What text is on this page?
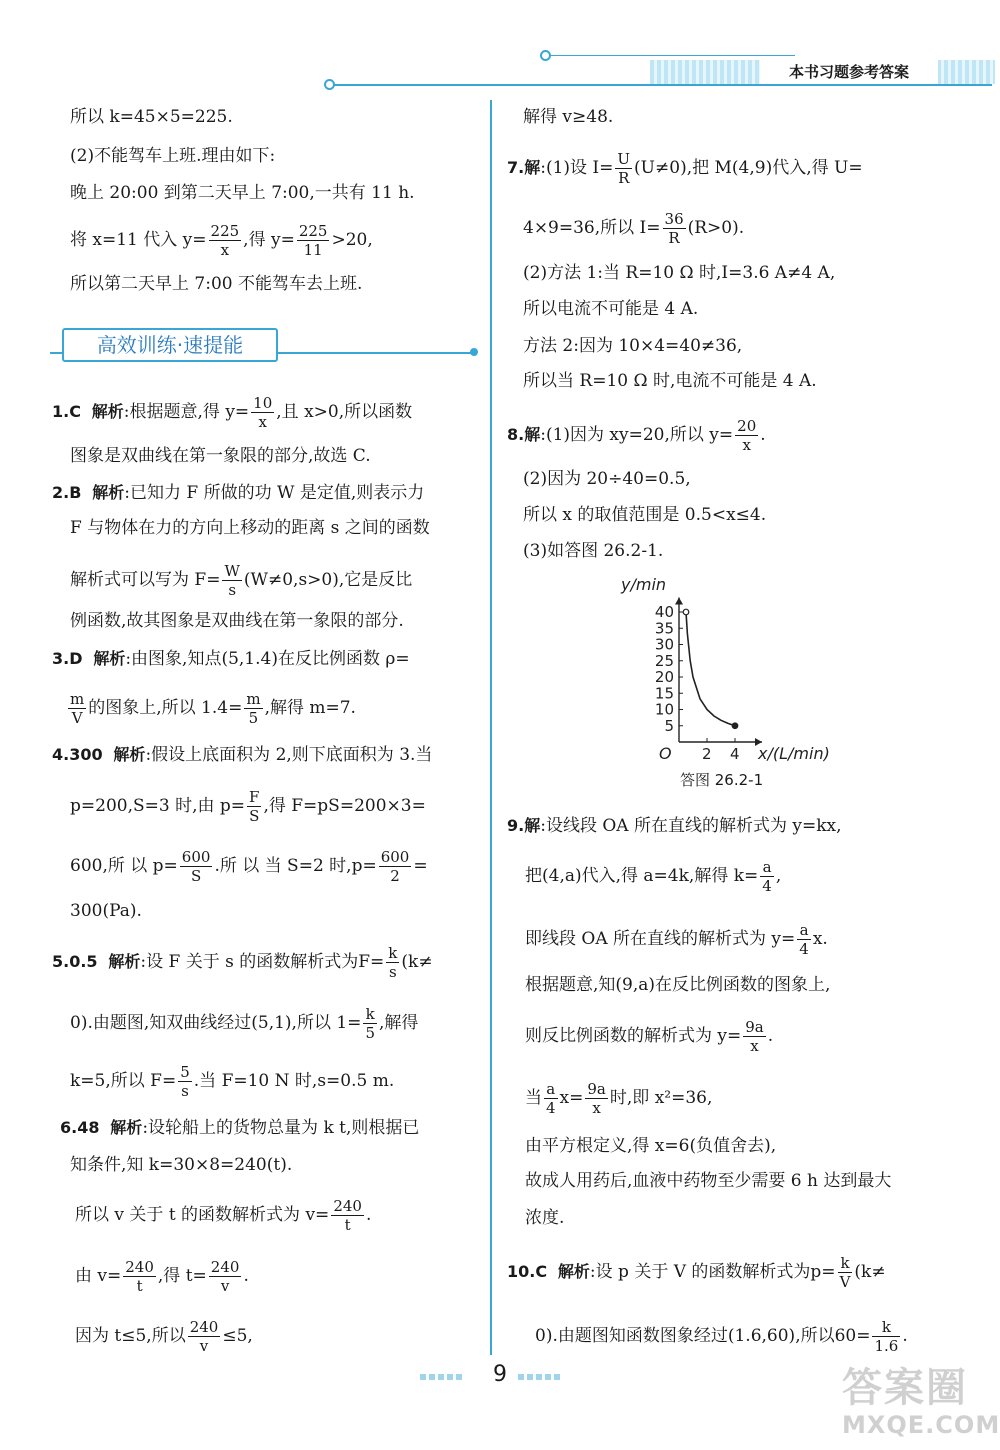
本书习题参考答案
所以 k=45×5=225.
(2)不能驾车上班.理由如下:
晚上 20:00 到第二天早上 7:00,一共有 11 h.
将 x=11 代入 $y= \frac{225}{x}$ ,得 $y= \frac{225}{11} >20$,
所以第二天早上 7:00 不能驾车去上班.
高效训练·速提能
1.C 解析:根据题意,得 $y= \frac{10}{x}$ ,且 x>0,所以函数
图象是双曲线在第一象限的部分,故选 C.
2.B 解析:已知力 F 所做的功 W 是定值,则表示力
F 与物体在力的方向上移动的距离 s 之间的函数
解析式可以写为 $F= \frac{W}{s} (W\ne 0,s>0)$,它是反比
例函数,故其图象是双曲线在第一象限的部分.
3.D 解析:由图象,知点(5,1.4)在反比例函数 ρ=
$\frac{m}{V}$ 的图象上,所以 $1.4= \frac{m}{5}$ ,解得 m=7.
4.300 解析:假设上底面积为 2,则下底面积为 3.当
p=200,S=3 时,由 $p= \frac{F}{S}$ ,得 F=pS=200×3=
600,所 以 $p= \frac{600}{S}$ .所 以 当 S=2 时$,p= \frac{600}{2}$ =
300(Pa).
5.0.5 解析:设 F 关于 s 的函数解析式为$F= \frac{k}{s} (k\ne$
0).由题图,知双曲线经过(5,1),所以 $1= \frac{k}{5}$ ,解得
k=5,所以 $F= \frac{5}{s}$ .当 F=10 N 时,s=0.5 m.
6.48 解析:设轮船上的货物总量为 k t,则根据已
知条件,知 k=30×8=240(t).
所以 v 关于 t 的函数解析式为 $v= \frac{240}{t}$ .
由 $v= \frac{240}{t}$ ,得 $t= \frac{240}{v}$ .
因为 t≤5,所以 $\frac{240}{v} \le 5$,
解得 v≥48.
7.解:(1)设 $I= \frac{U}{R} (U\ne 0)$,把 M(4,9)代入,得 U=
4×9=36,所以 $I= \frac{36}{R} (R>0)$.
(2)方法 1:当 R=10 Ω 时,I=3.6 A≠4 A,
所以电流不可能是 4 A.
方法 2:因为 10×4=40≠36,
所以当 R=10 Ω 时,电流不可能是 4 A.
8.解:(1)因为 xy=20,所以 $y= \frac{20}{x}$ .
(2)因为 20÷40=0.5,
所以 x 的取值范围是 0.5<x≤4.
(3)如答图 26.2-1.
2 4
5
10
15
20
25
30
35
40
y/min
x/(L/min)
O
答图 26.2-1
9.解:设线段 OA 所在直线的解析式为 y=kx,
把(4,a)代入,得 a=4k,解得 $k= \frac{a}{4}$ ,
即线段 OA 所在直线的解析式为 $y= \frac{a}{4} x$.
根据题意,知(9,a)在反比例函数的图象上,
则反比例函数的解析式为 $y= \frac{9a}{x}$ .
当 $\frac{a}{4} x= \frac{9a}{x}$ 时,即 x²=36,
由平方根定义,得 x=6(负值舍去),
故成人用药后,血液中药物至少需要 6 h 达到最大
浓度.
10.C 解析:设 p 关于 V 的函数解析式为$p= \frac{k}{V} (k\ne$
0).由题图知函数图象经过(1.6,60),所以$60= \frac{k}{1.6}$ .
9	答案圈
MXQE.COM
